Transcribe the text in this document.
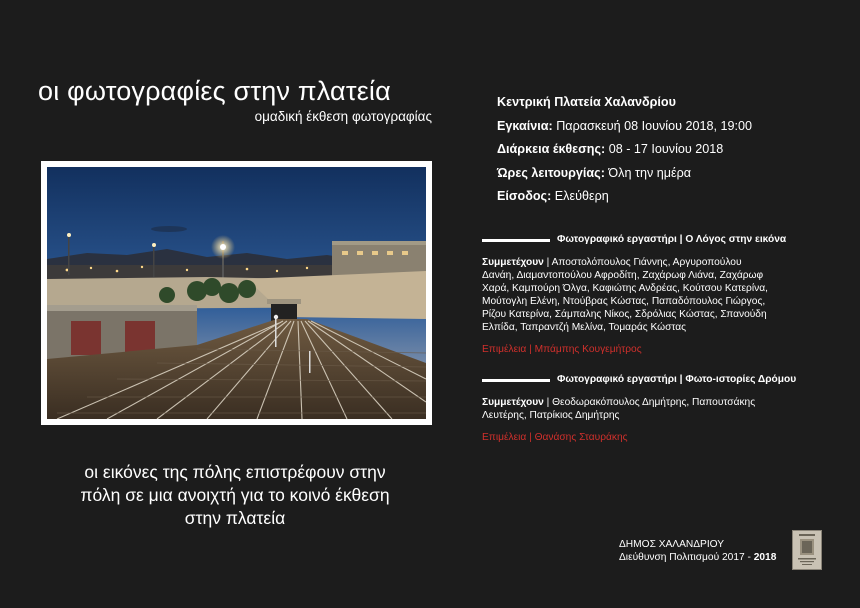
οι φωτογραφίες στην πλατεία
ομαδική έκθεση φωτογραφίας
οι εικόνες της πόλης επιστρέφουν στην
πόλη σε μια ανοιχτή για το κοινό έκθεση
στην πλατεία
Κεντρική Πλατεία Χαλανδρίου
Εγκαίνια: Παρασκευή 08 Ιουνίου 2018, 19:00
Διάρκεια έκθεσης: 08 - 17 Ιουνίου 2018
Ώρες λειτουργίας: Όλη την ημέρα
Είσοδος: Ελεύθερη
Φωτογραφικό εργαστήρι | Ο Λόγος στην εικόνα
Συμμετέχουν | Αποστολόπουλος Γιάννης, Αργυροπούλου
Δανάη, Διαμαντοπούλου Αφροδίτη, Ζαχάρωφ Λιάνα, Ζαχάρωφ
Χαρά, Καμπούρη Όλγα, Καφιώτης Ανδρέας, Κούτσου Κατερίνα,
Μούτογλη Ελένη, Ντούβρας Κώστας, Παπαδόπουλος Γιώργος,
Ρίζου Κατερίνα, Σάμπαλης Νίκος, Σδρόλιας Κώστας, Σπανούδη
Ελπίδα, Ταπραντζή Μελίνα, Τομαράς Κώστας
Επιμέλεια | Μπάμπης Κουγεμήτρος
Φωτογραφικό εργαστήρι | Φωτο-ιστορίες Δρόμου
Συμμετέχουν | Θεοδωρακόπουλος Δημήτρης, Παπουτσάκης
Λευτέρης, Πατρίκιος Δημήτρης
Επιμέλεια | Θανάσης Σταυράκης
ΔΗΜΟΣ ΧΑΛΑΝΔΡΙΟΥ
Διεύθυνση Πολιτισμού 2017 - 2018
